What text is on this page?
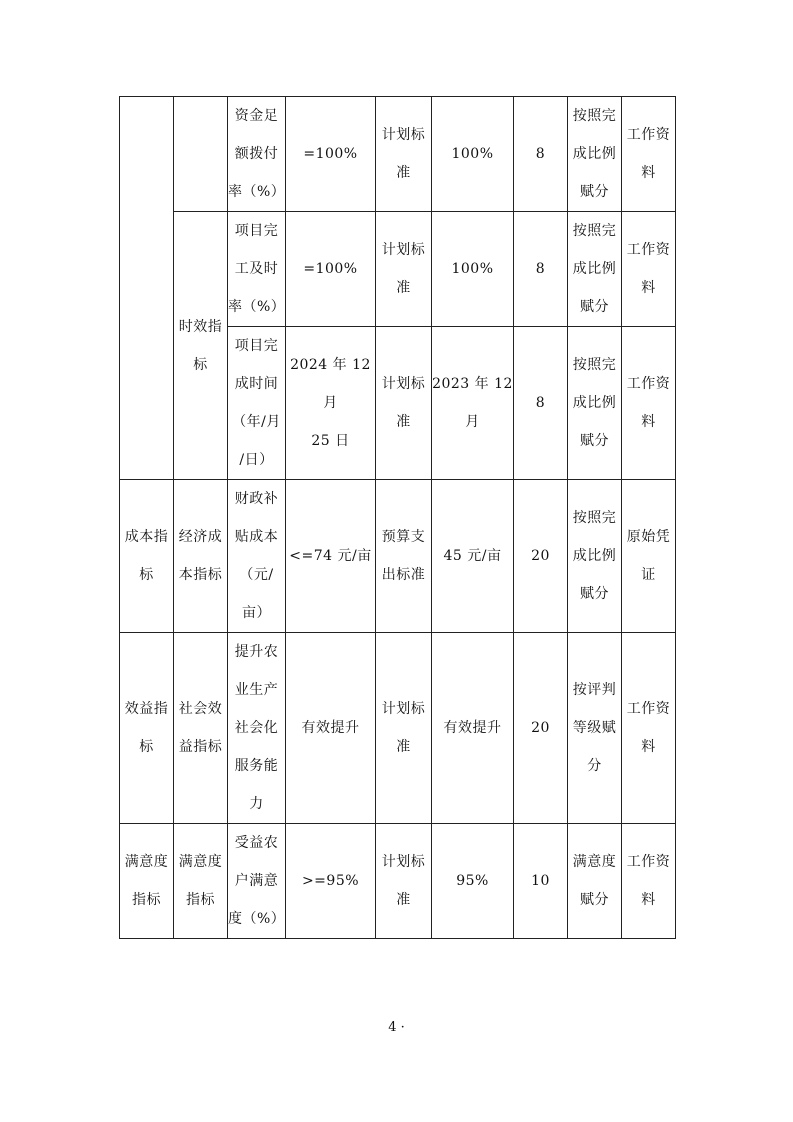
		资金足
额拨付
率（%）	=100%	计划标
准	100%	8	按照完
成比例
赋分	工作资
料

	时效指
标	项目完
工及时
率（%）	=100%	计划标
准	100%	8	按照完
成比例
赋分	工作资
料

		项目完
成时间
（年/月
/日）	2024 年 12 月
25 日	计划标
准	2023 年 12
月	8	按照完
成比例
赋分	工作资
料

成本指
标	经济成
本指标	财政补
贴成本
（元/
亩）	<=74 元/亩	预算支
出标准	45 元/亩	20	按照完
成比例
赋分	原始凭
证

效益指
标	社会效
益指标	提升农
业生产
社会化
服务能
力	有效提升	计划标
准	有效提升	20	按评判
等级赋
分	工作资
料

满意度
指标	满意度
指标	受益农
户满意
度（%）	>=95%	计划标
准	95%	10	满意度
赋分	工作资
料
4 ·
